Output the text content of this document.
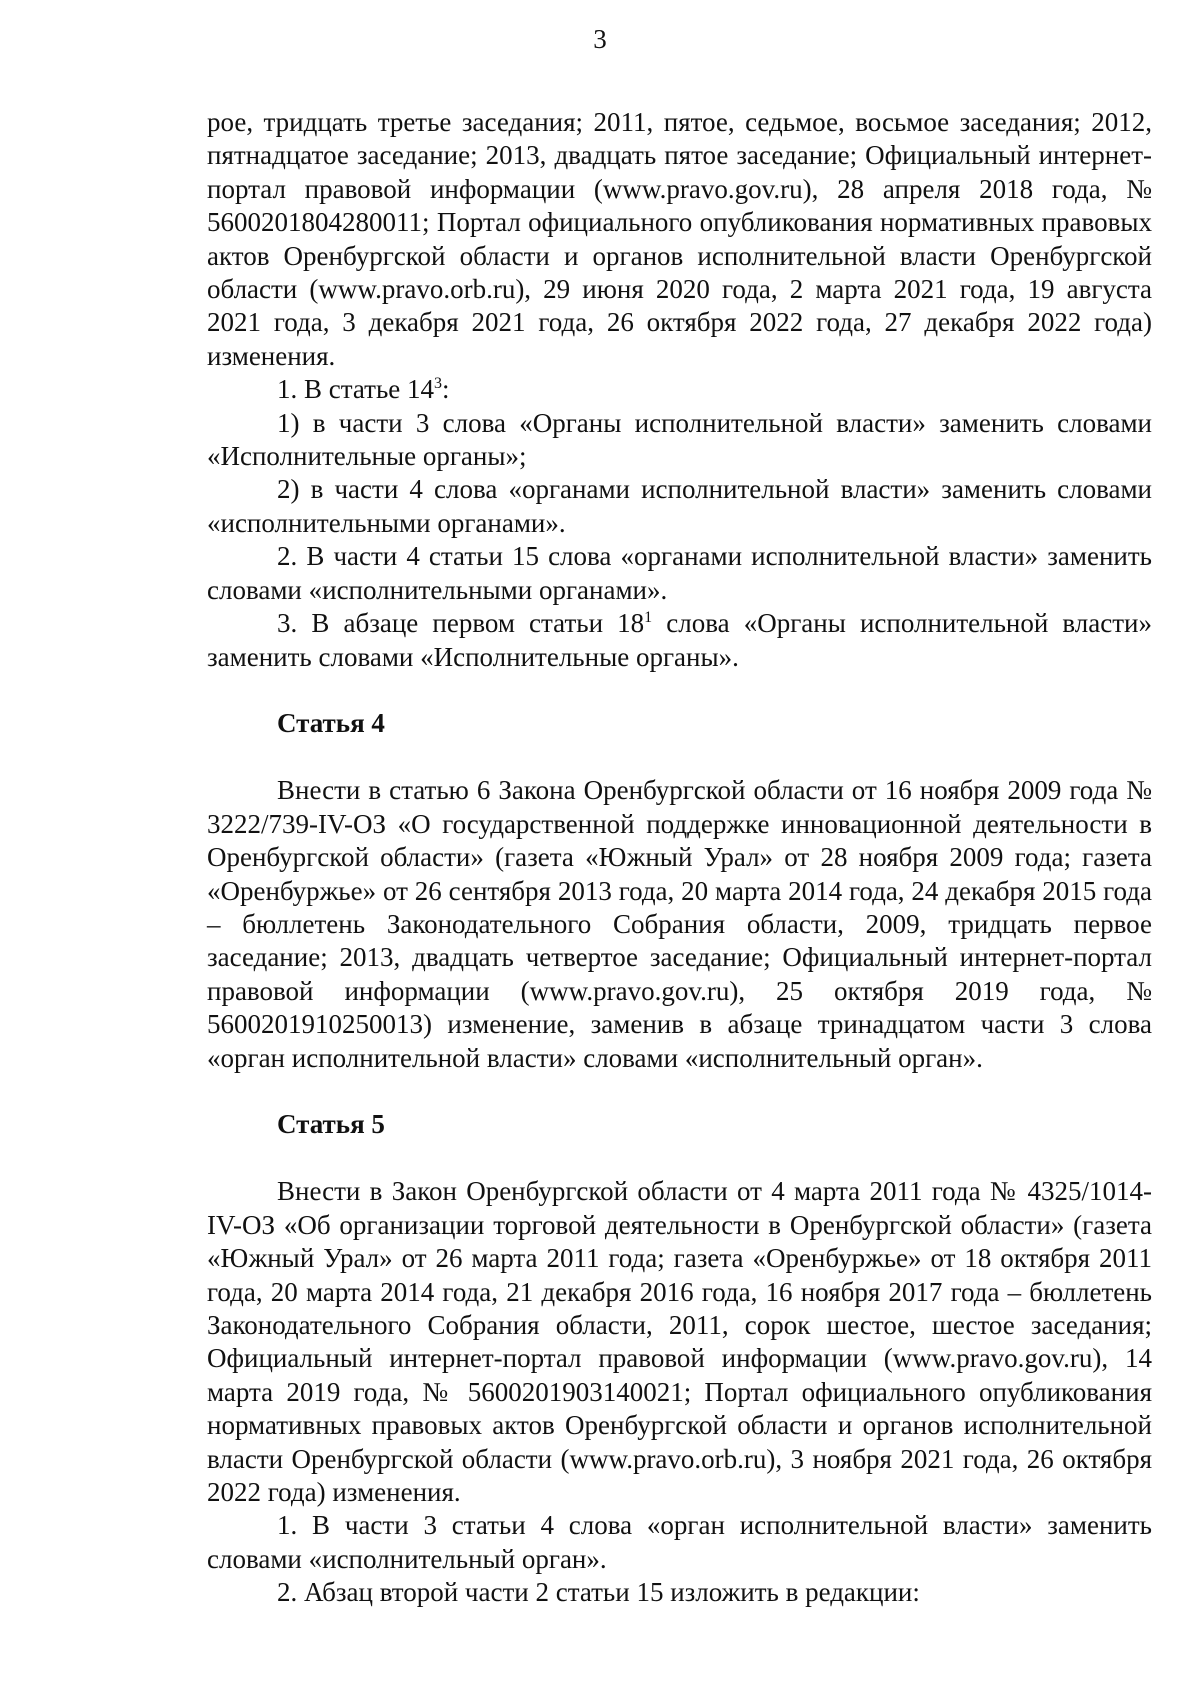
3

рое, тридцать третье заседания; 2011, пятое, седьмое, восьмое заседания; 2012, пятнадцатое заседание; 2013, двадцать пятое заседание; Официальный интернет-портал правовой информации (www.pravo.gov.ru), 28 апреля 2018 года, № 5600201804280011; Портал официального опубликования нормативных правовых актов Оренбургской области и органов исполнительной власти Оренбургской области (www.pravo.orb.ru), 29 июня 2020 года, 2 марта 2021 года, 19 августа 2021 года, 3 декабря 2021 года, 26 октября 2022 года, 27 декабря 2022 года) изменения.

1. В статье $14^3$:

1) в части 3 слова «Органы исполнительной власти» заменить словами «Исполнительные органы»;

2) в части 4 слова «органами исполнительной власти» заменить словами «исполнительными органами».

2. В части 4 статьи 15 слова «органами исполнительной власти» заменить словами «исполнительными органами».

3. В абзаце первом статьи $18^1$ слова «Органы исполнительной власти» заменить словами «Исполнительные органы».

Статья 4

Внести в статью 6 Закона Оренбургской области от 16 ноября 2009 года № 3222/739-IV-ОЗ «О государственной поддержке инновационной деятельности в Оренбургской области» (газета «Южный Урал» от 28 ноября 2009 года; газета «Оренбуржье» от 26 сентября 2013 года, 20 марта 2014 года, 24 декабря 2015 года – бюллетень Законодательного Собрания области, 2009, тридцать первое заседание; 2013, двадцать четвертое заседание; Официальный интернет-портал правовой информации (www.pravo.gov.ru), 25 октября 2019 года, № 5600201910250013) изменение, заменив в абзаце тринадцатом части 3 слова «орган исполнительной власти» словами «исполнительный орган».

Статья 5

Внести в Закон Оренбургской области от 4 марта 2011 года № 4325/1014-IV-ОЗ «Об организации торговой деятельности в Оренбургской области» (газета «Южный Урал» от 26 марта 2011 года; газета «Оренбуржье» от 18 октября 2011 года, 20 марта 2014 года, 21 декабря 2016 года, 16 ноября 2017 года – бюллетень Законодательного Собрания области, 2011, сорок шестое, шестое заседания; Официальный интернет-портал правовой информации (www.pravo.gov.ru), 14 марта 2019 года, № 5600201903140021; Портал официального опубликования нормативных правовых актов Оренбургской области и органов исполнительной власти Оренбургской области (www.pravo.orb.ru), 3 ноября 2021 года, 26 октября 2022 года) изменения.

1. В части 3 статьи 4 слова «орган исполнительной власти» заменить словами «исполнительный орган».

2. Абзац второй части 2 статьи 15 изложить в редакции:
